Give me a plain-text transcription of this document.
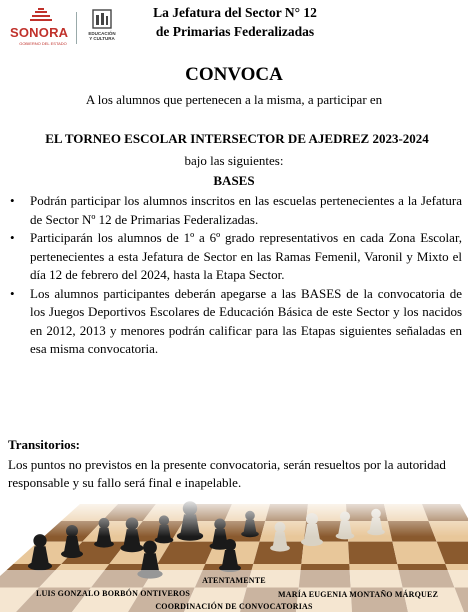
SONORA
GOBIERNO DEL ESTADO
EDUCACIÓN
Y CULTURA
La Jefatura del Sector N° 12
de Primarias Federalizadas
CONVOCA
A los alumnos que pertenecen a la misma, a participar en
EL TORNEO ESCOLAR INTERSECTOR DE AJEDREZ 2023-2024
bajo las siguientes:
BASES
• Podrán participar los alumnos inscritos en las escuelas pertenecientes a la Jefatura de Sector Nº 12 de Primarias Federalizadas.
• Participarán los alumnos de 1º a 6º grado representativos en cada Zona Escolar, pertenecientes a esta Jefatura de Sector en las Ramas Femenil, Varonil y Mixto el día 12 de febrero del 2024, hasta la Etapa Sector.
• Los alumnos participantes deberán apegarse a las BASES de la convocatoria de los Juegos Deportivos Escolares de Educación Básica de este Sector y los nacidos en 2012, 2013 y menores podrán calificar para las Etapas siguientes señaladas en esa misma convocatoria.
Transitorios:
Los puntos no previstos en la presente convocatoria, serán resueltos por la autoridad responsable y su fallo será final e inapelable.
ATENTAMENTE
LUIS GONZALO BORBÓN ONTIVEROS	MARÍA EUGENIA MONTAÑO MÁRQUEZ
COORDINACIÓN DE CONVOCATORIAS
